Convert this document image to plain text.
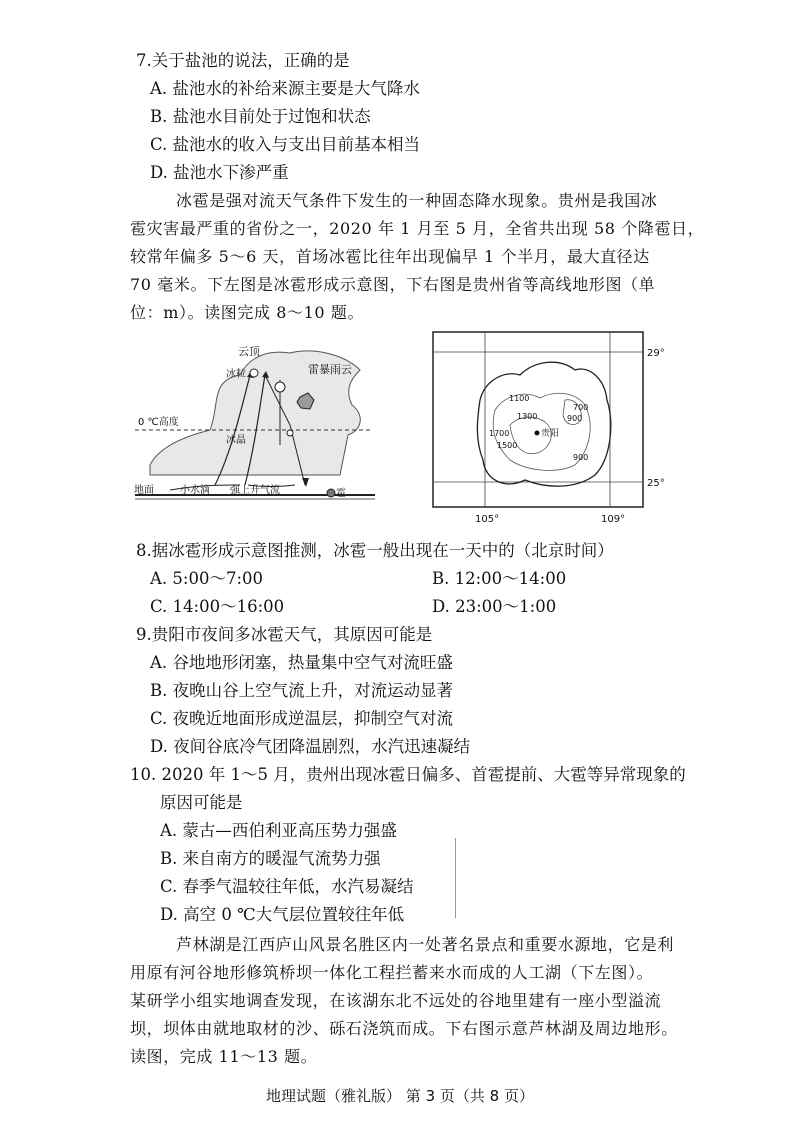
7.关于盐池的说法，正确的是
A. 盐池水的补给来源主要是大气降水
B. 盐池水目前处于过饱和状态
C. 盐池水的收入与支出目前基本相当
D. 盐池水下渗严重
冰雹是强对流天气条件下发生的一种固态降水现象。贵州是我国冰
雹灾害最严重的省份之一，2020 年 1 月至 5 月，全省共出现 58 个降雹日，
较常年偏多 5～6 天，首场冰雹比往年出现偏早 1 个半月，最大直径达
70 毫米。下左图是冰雹形成示意图，下右图是贵州省等高线地形图（单
位：m）。读图完成 8～10 题。
云顶
雷暴雨云
冰粒
0 ℃高度
冰晶
小水滴 强上升气流	雹
地面
1100
1300
700
900
1700
1500
900
贵阳
29°
25°
105°	109°
8.据冰雹形成示意图推测，冰雹一般出现在一天中的（北京时间）
A. 5:00～7:00	B. 12:00～14:00
C. 14:00～16:00	D. 23:00～1:00
9.贵阳市夜间多冰雹天气，其原因可能是
A. 谷地地形闭塞，热量集中空气对流旺盛
B. 夜晚山谷上空气流上升，对流运动显著
C. 夜晚近地面形成逆温层，抑制空气对流
D. 夜间谷底冷气团降温剧烈，水汽迅速凝结
10. 2020 年 1～5 月，贵州出现冰雹日偏多、首雹提前、大雹等异常现象的
原因可能是
A. 蒙古—西伯利亚高压势力强盛
B. 来自南方的暖湿气流势力强
C. 春季气温较往年低，水汽易凝结
D. 高空 0 ℃大气层位置较往年低
芦林湖是江西庐山风景名胜区内一处著名景点和重要水源地，它是利
用原有河谷地形修筑桥坝一体化工程拦蓄来水而成的人工湖（下左图）。
某研学小组实地调查发现，在该湖东北不远处的谷地里建有一座小型溢流
坝，坝体由就地取材的沙、砾石浇筑而成。下右图示意芦林湖及周边地形。
读图，完成 11～13 题。
地理试题（雅礼版） 第 3 页（共 8 页）
